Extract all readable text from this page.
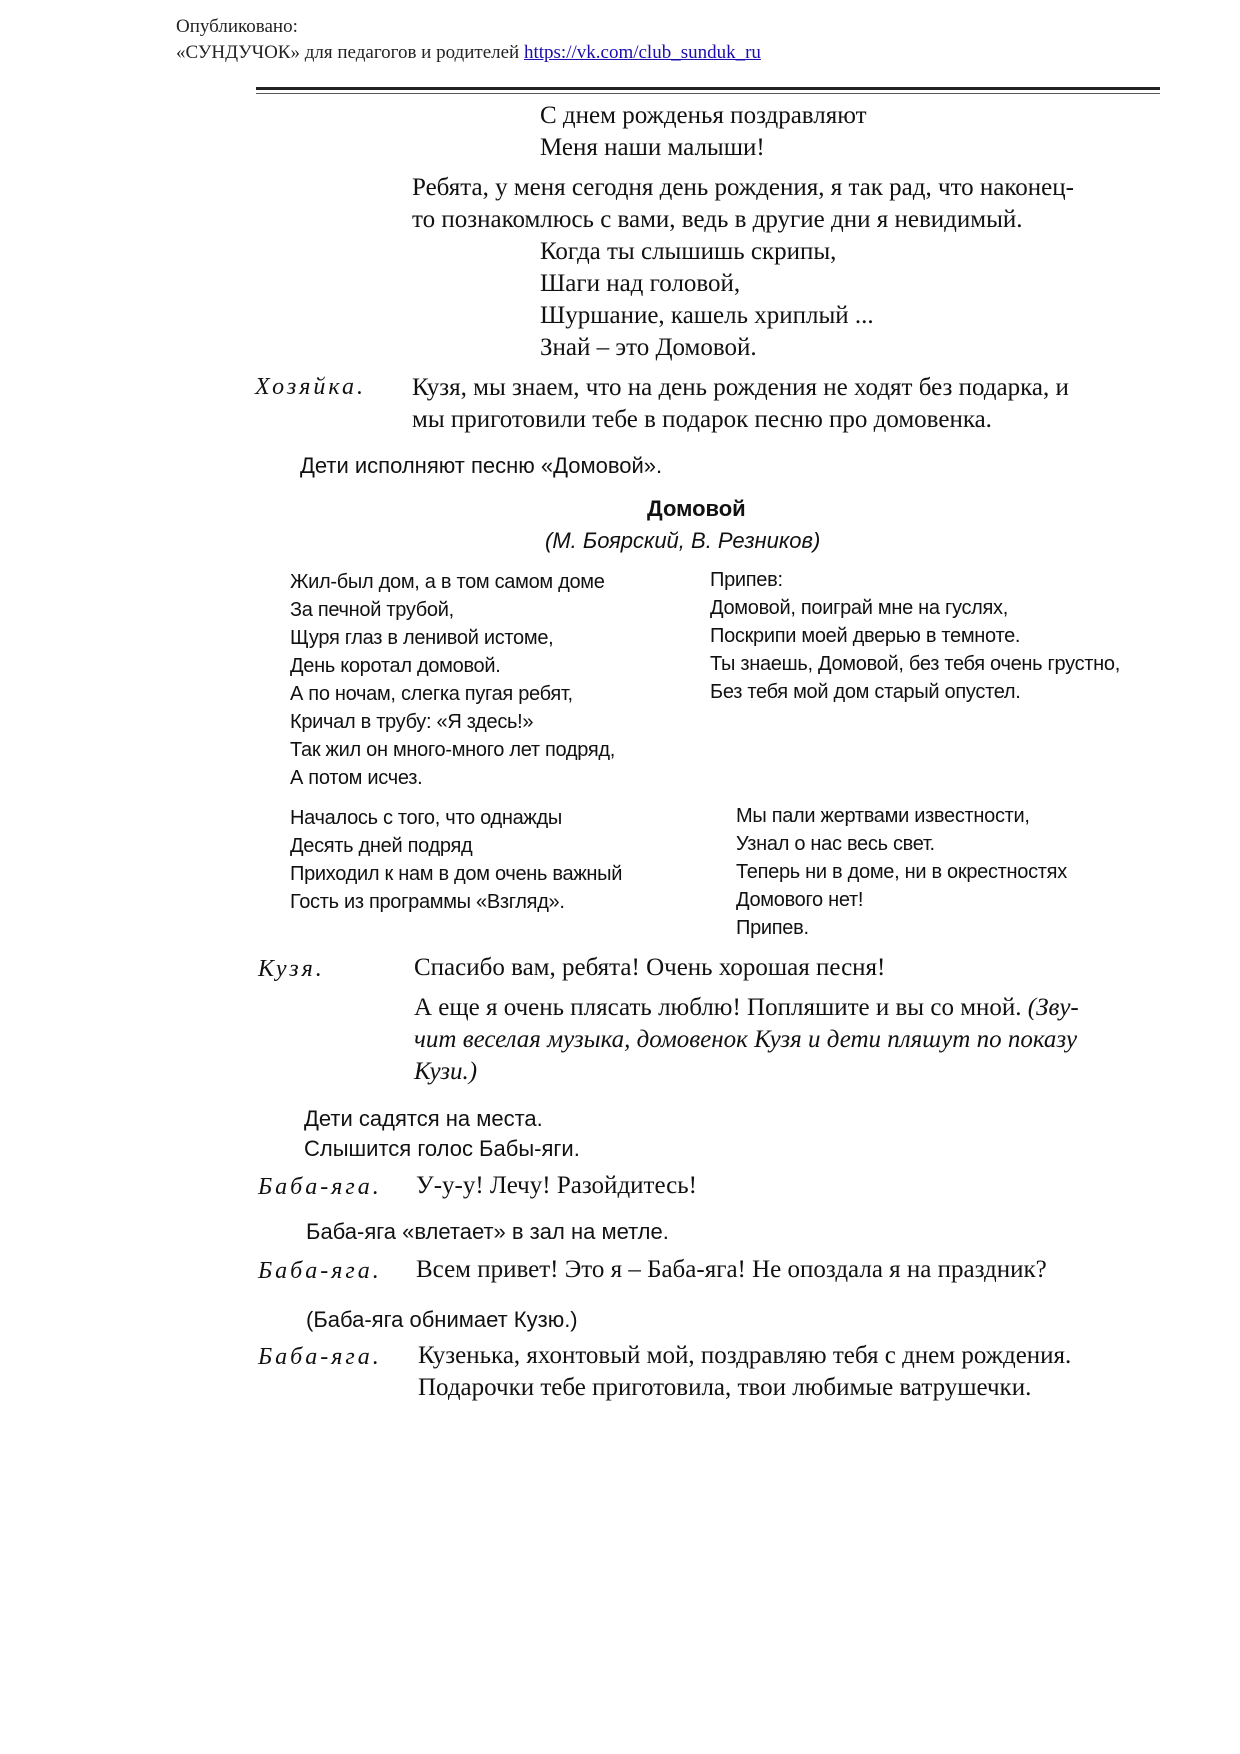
Опубликовано:
«СУНДУЧОК» для педагогов и родителей https://vk.com/club_sunduk_ru
С днем рожденья поздравляют
Меня наши малыши!
Ребята, у меня сегодня день рождения, я так рад, что наконец-
то познакомлюсь с вами, ведь в другие дни я невидимый.
Когда ты слышишь скрипы,
Шаги над головой,
Шуршание, кашель хриплый ...
Знай – это Домовой.
Хозяйка. Кузя, мы знаем, что на день рождения не ходят без подарка, и
мы приготовили тебе в подарок песню про домовенка.
Дети исполняют песню «Домовой».
Домовой
(М. Боярский, В. Резников)
Жил-был дом, а в том самом доме
За печной трубой,
Щуря глаз в ленивой истоме,
День коротал домовой.
А по ночам, слегка пугая ребят,
Кричал в трубу: «Я здесь!»
Так жил он много-много лет подряд,
А потом исчез.
Припев:
Домовой, поиграй мне на гуслях,
Поскрипи моей дверью в темноте.
Ты знаешь, Домовой, без тебя очень грустно,
Без тебя мой дом старый опустел.
Началось с того, что однажды
Десять дней подряд
Приходил к нам в дом очень важный
Гость из программы «Взгляд».
Мы пали жертвами известности,
Узнал о нас весь свет.
Теперь ни в доме, ни в окрестностях
Домового нет!
Припев.
Кузя.	Спасибо вам, ребята! Очень хорошая песня!
А еще я очень плясать люблю! Попляшите и вы со мной. (Зву-
чит веселая музыка, домовенок Кузя и дети пляшут по показу
Кузи.)
Дети садятся на места.
Слышится голос Бабы-яги.
Баба-яга. У-у-у! Лечу! Разойдитесь!
Баба-яга «влетает» в зал на метле.
Баба-яга. Всем привет! Это я – Баба-яга! Не опоздала я на праздник?
(Баба-яга обнимает Кузю.)
Баба-яга. Кузенька, яхонтовый мой, поздравляю тебя с днем рождения.
Подарочки тебе приготовила, твои любимые ватрушечки.
